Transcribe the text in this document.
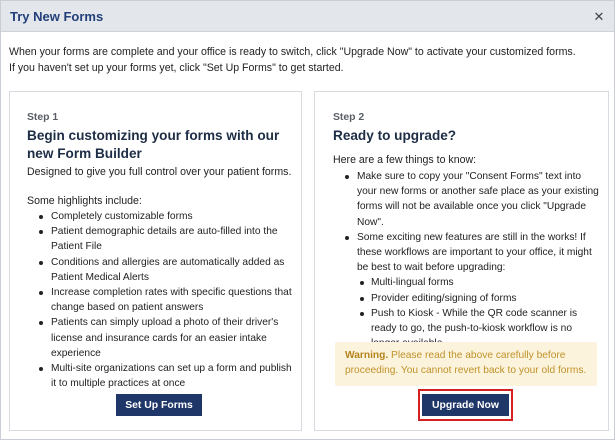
Try New Forms	✕

When your forms are complete and your office is ready to switch, click "Upgrade Now" to activate your customized forms.

If you haven't set up your forms yet, click "Set Up Forms" to get started.

Step 1
Begin customizing your forms with our
new Form Builder
Designed to give you full control over your patient forms.
Some highlights include:
Completely customizable forms
Patient demographic details are auto-filled into the Patient File
Conditions and allergies are automatically added as Patient Medical Alerts
Increase completion rates with specific questions that change based on patient answers
Patients can simply upload a photo of their driver's license and insurance cards for an easier intake experience
Multi-site organizations can set up a form and publish it to multiple practices at once
Set Up Forms
Step 2
Ready to upgrade?
Here are a few things to know:
Make sure to copy your "Consent Forms" text into your new forms or another safe place as your existing forms will not be available once you click "Upgrade Now".
Some exciting new features are still in the works! If these workflows are important to your office, it might be best to wait before upgrading:
Multi-lingual forms
Provider editing/signing of forms
Push to Kiosk - While the QR code scanner is ready to go, the push-to-kiosk workflow is no
Warning. Please read the above carefully before proceeding. You cannot revert back to your old forms.
Upgrade Now
